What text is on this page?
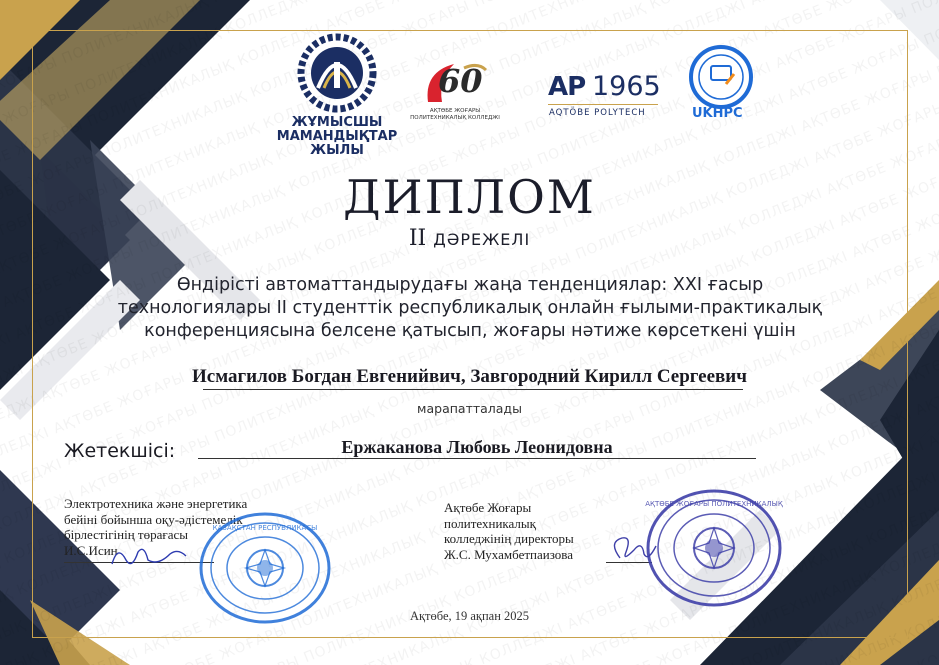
ЖҰМЫСШЫ
МАМАНДЫҚТАР
ЖЫЛЫ
60
АҚТӨБЕ ЖОҒАРЫ
ПОЛИТЕХНИКАЛЫҚ КОЛЛЕДЖІ
AP 1965
AQTÖBE POLYTECH	UKHPC
ДИПЛОМ
II ДӘРЕЖЕЛІ
Өндірісті автоматтандырудағы жаңа тенденциялар: XXI ғасыр
технологиялары II студенттік республикалық онлайн ғылыми-практикалық
конференциясына белсене қатысып, жоғары нәтиже көрсеткені үшін
Исмагилов Богдан Евгенийвич, Завгородний Кирилл Сергеевич
марапатталады
Жетекшісі:	Ержаканова Любовь Леонидовна
Электротехника және энергетика
бейіні бойынша оқу-әдістемелік
бірлестігінің төрағасы
И.С.Исин
ҚАЗАҚСТАН РЕСПУБЛИКАСЫ
Ақтөбе Жоғары
политехникалық
колледжінің директоры
Ж.С. Мухамбетпаизова
АҚТӨБЕ ЖОҒАРЫ ПОЛИТЕХНИКАЛЫҚ
Ақтөбе, 19 ақпан 2025
